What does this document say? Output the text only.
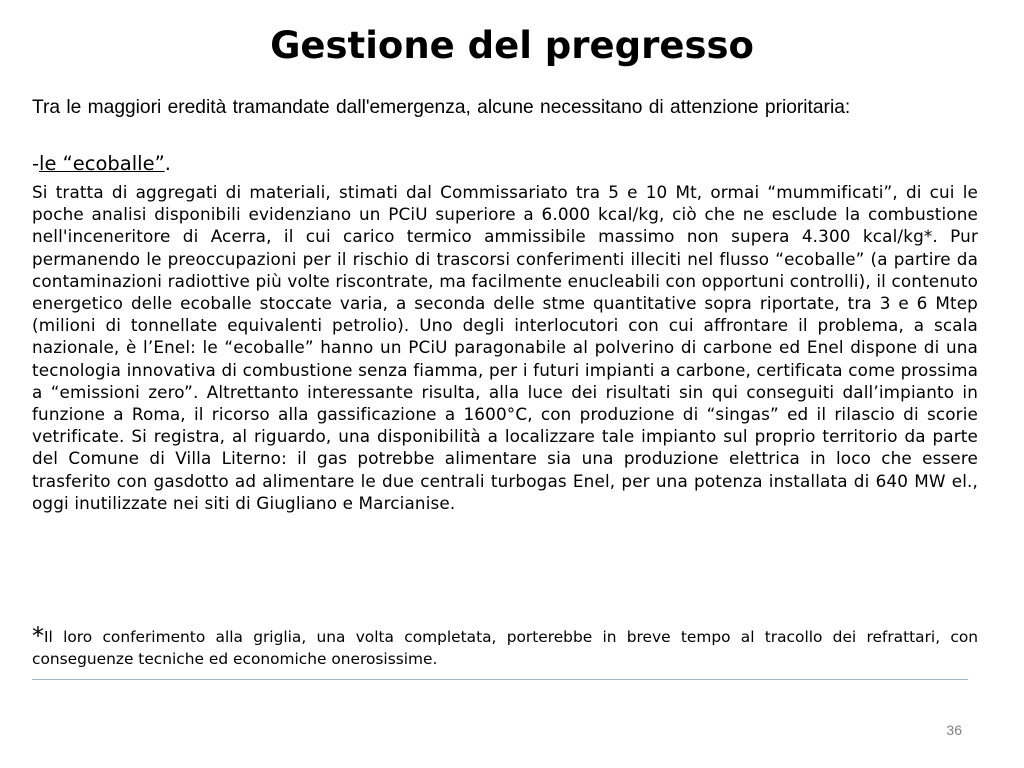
Gestione del pregresso
Tra le maggiori eredità tramandate dall'emergenza, alcune necessitano di attenzione prioritaria:
-le “ecoballe”.
Si tratta di aggregati di materiali, stimati dal Commissariato tra 5 e 10 Mt, ormai “mummificati”, di cui le poche analisi disponibili evidenziano un PCiU superiore a 6.000 kcal/kg, ciò che ne esclude la combustione nell'inceneritore di Acerra, il cui carico termico ammissibile massimo non supera 4.300 kcal/kg*. Pur permanendo le preoccupazioni per il rischio di trascorsi conferimenti illeciti nel flusso “ecoballe” (a partire da contaminazioni radiottive più volte riscontrate, ma facilmente enucleabili con opportuni controlli), il contenuto energetico delle ecoballe stoccate varia, a seconda delle stme quantitative sopra riportate, tra 3 e 6 Mtep (milioni di tonnellate equivalenti petrolio). Uno degli interlocutori con cui affrontare il problema, a scala nazionale, è l’Enel: le “ecoballe” hanno un PCiU paragonabile al polverino di carbone ed Enel dispone di una tecnologia innovativa di combustione senza fiamma, per i futuri impianti a carbone, certificata come prossima a “emissioni zero”. Altrettanto interessante risulta, alla luce dei risultati sin qui conseguiti dall’impianto in funzione a Roma, il ricorso alla gassificazione a 1600°C, con produzione di “singas” ed il rilascio di scorie vetrificate. Si registra, al riguardo, una disponibilità a localizzare tale impianto sul proprio territorio da parte del Comune di Villa Literno: il gas potrebbe alimentare sia una produzione elettrica in loco che essere trasferito con gasdotto ad alimentare le due centrali turbogas Enel, per una potenza installata di 640 MW el., oggi inutilizzate nei siti di Giugliano e Marcianise.
*Il loro conferimento alla griglia, una volta completata, porterebbe in breve tempo al tracollo dei refrattari, con conseguenze tecniche ed economiche onerosissime.
36
